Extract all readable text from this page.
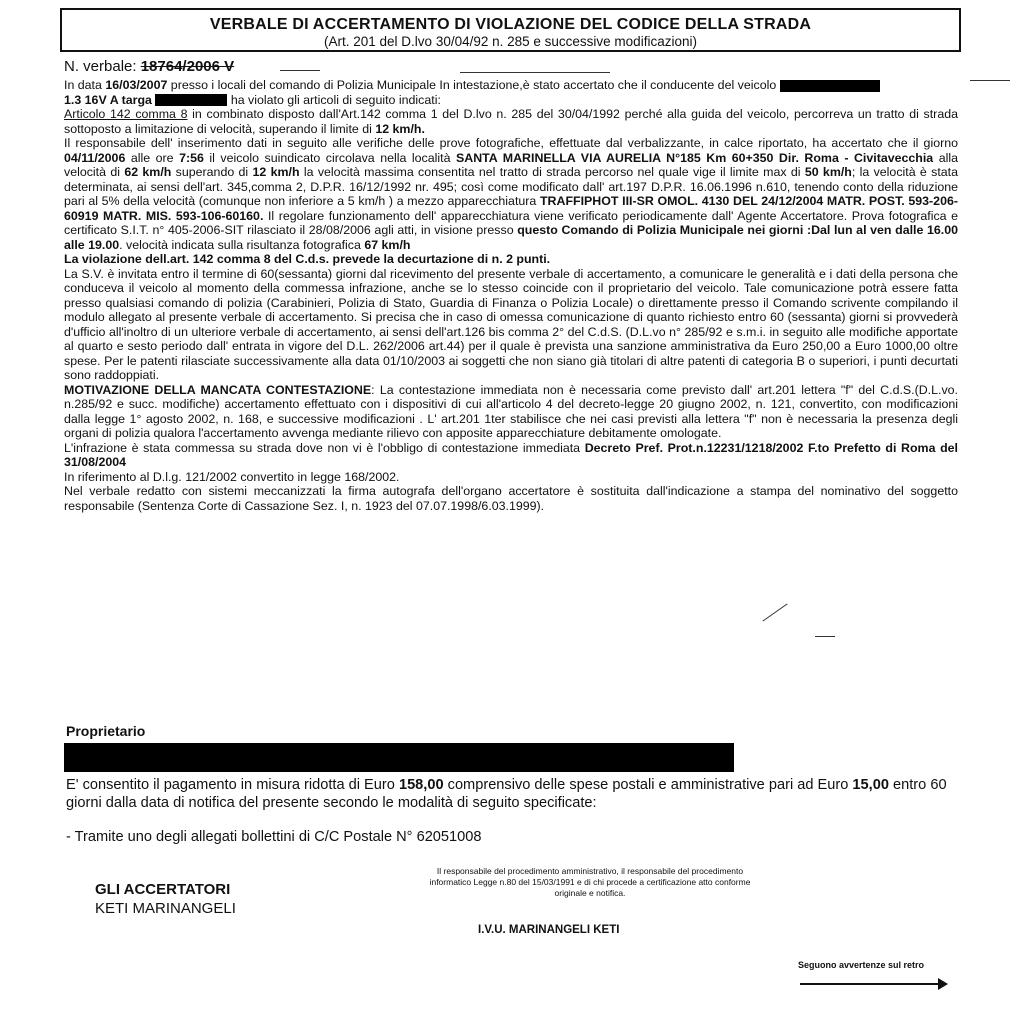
VERBALE DI ACCERTAMENTO DI VIOLAZIONE DEL CODICE DELLA STRADA
(Art. 201 del D.lvo 30/04/92 n. 285 e successive modificazioni)
N. verbale: 18764/2006 V

In data 16/03/2007 presso i locali del comando di Polizia Municipale In intestazione,è stato accertato che il conducente del veicolo
1.3 16V A targa	ha violato gli articoli di seguito indicati:

Articolo 142 comma 8 in combinato disposto dall'Art.142 comma 1 del D.lvo n. 285 del 30/04/1992 perché alla guida del veicolo, percorreva un tratto di strada sottoposto a limitazione di velocità, superando il limite di 12 km/h.

Il responsabile dell' inserimento dati in seguito alle verifiche delle prove fotografiche, effettuate dal verbalizzante, in calce riportato, ha accertato che il giorno 04/11/2006 alle ore 7:56 il veicolo suindicato circolava nella località SANTA MARINELLA VIA AURELIA N°185 Km 60+350 Dir. Roma - Civitavecchia alla velocità di 62 km/h superando di 12 km/h la velocità massima consentita nel tratto di strada percorso nel quale vige il limite max di 50 km/h; la velocità è stata determinata, ai sensi dell'art. 345,comma 2, D.P.R. 16/12/1992 nr. 495; così come modificato dall' art.197 D.P.R. 16.06.1996 n.610, tenendo conto della riduzione pari al 5% della velocità (comunque non inferiore a 5 km/h ) a mezzo apparecchiatura TRAFFIPHOT III-SR OMOL. 4130 DEL 24/12/2004 MATR. POST. 593-206-60919 MATR. MIS. 593-106-60160. Il regolare funzionamento dell' apparecchiatura viene verificato periodicamente dall' Agente Accertatore. Prova fotografica e certificato S.I.T. n° 405-2006-SIT rilasciato il 28/08/2006 agli atti, in visione presso questo Comando di Polizia Municipale nei giorni :Dal lun al ven dalle 16.00 alle 19.00. velocità indicata sulla risultanza fotografica 67 km/h

La violazione dell.art. 142 comma 8 del C.d.s. prevede la decurtazione di n. 2 punti.

La S.V. è invitata entro il termine di 60(sessanta) giorni dal ricevimento del presente verbale di accertamento, a comunicare le generalità e i dati della persona che conduceva il veicolo al momento della commessa infrazione, anche se lo stesso coincide con il proprietario del veicolo. Tale comunicazione potrà essere fatta presso qualsiasi comando di polizia (Carabinieri, Polizia di Stato, Guardia di Finanza o Polizia Locale) o direttamente presso il Comando scrivente compilando il modulo allegato al presente verbale di accertamento. Si precisa che in caso di omessa comunicazione di quanto richiesto entro 60 (sessanta) giorni si provvederà d'ufficio all'inoltro di un ulteriore verbale di accertamento, ai sensi dell'art.126 bis comma 2° del C.d.S. (D.L.vo n° 285/92 e s.m.i. in seguito alle modifiche apportate al quarto e sesto periodo dall' entrata in vigore del D.L. 262/2006 art.44) per il quale è prevista una sanzione amministrativa da Euro 250,00 a Euro 1000,00 oltre spese. Per le patenti rilasciate successivamente alla data 01/10/2003 ai soggetti che non siano già titolari di altre patenti di categoria B o superiori, i punti decurtati sono raddoppiati.

MOTIVAZIONE DELLA MANCATA CONTESTAZIONE: La contestazione immediata non è necessaria come previsto dall' art.201 lettera "f" del C.d.S.(D.L.vo. n.285/92 e succ. modifiche) accertamento effettuato con i dispositivi di cui all'articolo 4 del decreto-legge 20 giugno 2002, n. 121, convertito, con modificazioni dalla legge 1° agosto 2002, n. 168, e successive modificazioni . L' art.201 1ter stabilisce che nei casi previsti alla lettera "f" non è necessaria la presenza degli organi di polizia qualora l'accertamento avvenga mediante rilievo con apposite apparecchiature debitamente omologate.

L'infrazione è stata commessa su strada dove non vi è l'obbligo di contestazione immediata Decreto Pref. Prot.n.12231/1218/2002 F.to Prefetto di Roma del 31/08/2004

In riferimento al D.l.g. 121/2002 convertito in legge 168/2002.

Nel verbale redatto con sistemi meccanizzati la firma autografa dell'organo accertatore è sostituita dall'indicazione a stampa del nominativo del soggetto responsabile (Sentenza Corte di Cassazione Sez. I, n. 1923 del 07.07.1998/6.03.1999).

Proprietario
E' consentito il pagamento in misura ridotta di Euro 158,00 comprensivo delle spese postali e amministrative pari ad Euro 15,00 entro 60 giorni dalla data di notifica del presente secondo le modalità di seguito specificate:
- Tramite uno degli allegati bollettini di C/C Postale N° 62051008
GLI ACCERTATORI
KETI MARINANGELI
Il responsabile del procedimento amministrativo, il responsabile del procedimento informatico Legge n.80 del 15/03/1991 e di chi procede a certificazione atto conforme originale e notifica.
I.V.U. MARINANGELI KETI
Seguono avvertenze sul retro
